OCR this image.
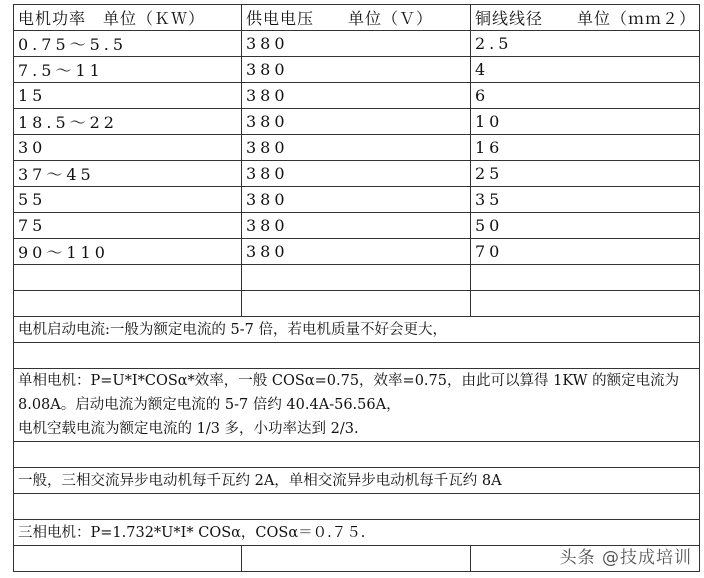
电机功率　单位（ＫＷ）	供电电压　　单位（Ｖ）	铜线线径　　单位（ｍｍ２）
0.75～5.5	380	2.5
7.5～11	380	4
15	380	6
18.5～22	380	10
30	380	16
37～45	380	25
55	380	35
75	380	50
90～110	380	70

电机启动电流:一般为额定电流的 5-7 倍，若电机质量不好会更大，		

单相电机：P=U*I*COSα*效率，一般 COSα=0.75，效率=0.75，由此可以算得 1KW 的额定电流为 8.08A。启动电流为额定电流的 5-7 倍约 40.4A-56.56A，
电机空载电流为额定电流的 1/3 多，小功率达到 2/3.		

一般，三相交流异步电动机每千瓦约 2A，单相交流异步电动机每千瓦约 8A		

三相电机：P=1.732*U*I* COSα，COSα＝０.７５.		

头条 @技成培训
